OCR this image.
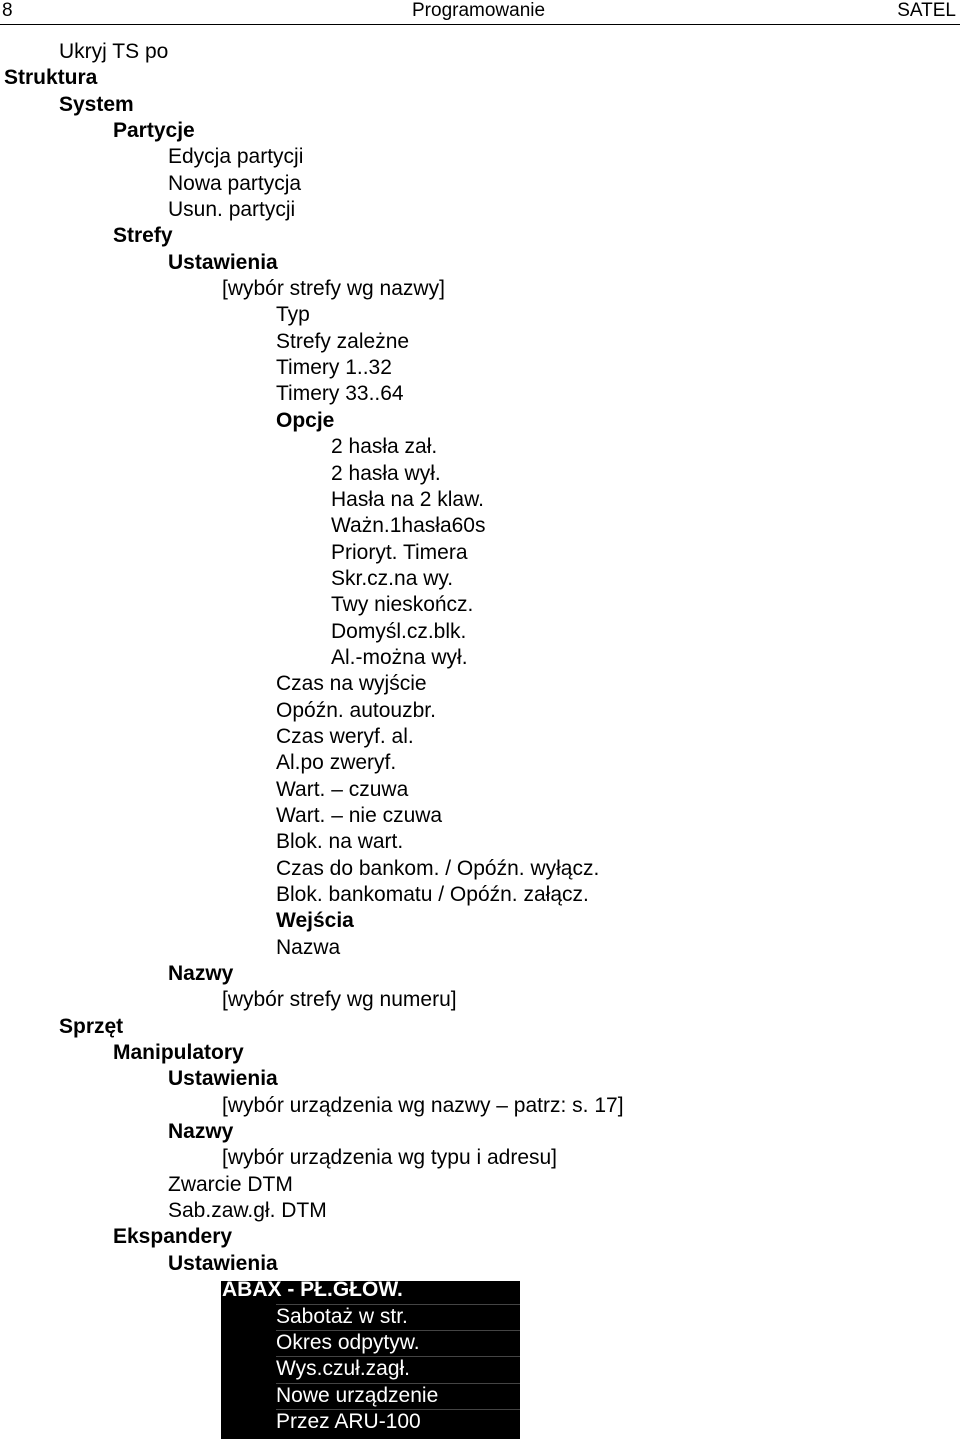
8	Programowanie	SATEL
Ukryj TS po
Struktura
System
Partycje
Edycja partycji
Nowa partycja
Usun. partycji
Strefy
Ustawienia
[wybór strefy wg nazwy]
Typ
Strefy zależne
Timery 1..32
Timery 33..64
Opcje
2 hasła zał.
2 hasła wył.
Hasła na 2 klaw.
Ważn.1hasła60s
Prioryt. Timera
Skr.cz.na wy.
Twy nieskończ.
Domyśl.cz.blk.
Al.-można wył.
Czas na wyjście
Opóźn. autouzbr.
Czas weryf. al.
Al.po zweryf.
Wart. – czuwa
Wart. – nie czuwa
Blok. na wart.
Czas do bankom. / Opóźn. wyłącz.
Blok. bankomatu / Opóźn. załącz.
Wejścia
Nazwa
Nazwy
[wybór strefy wg numeru]
Sprzęt
Manipulatory
Ustawienia
[wybór urządzenia wg nazwy – patrz: s. 17]
Nazwy
[wybór urządzenia wg typu i adresu]
Zwarcie DTM
Sab.zaw.gł. DTM
Ekspandery
Ustawienia
ABAX - PŁ.GŁÓW.
Sabotaż w str.
Okres odpytyw.
Wys.czuł.zagł.
Nowe urządzenie
Przez ARU-100
